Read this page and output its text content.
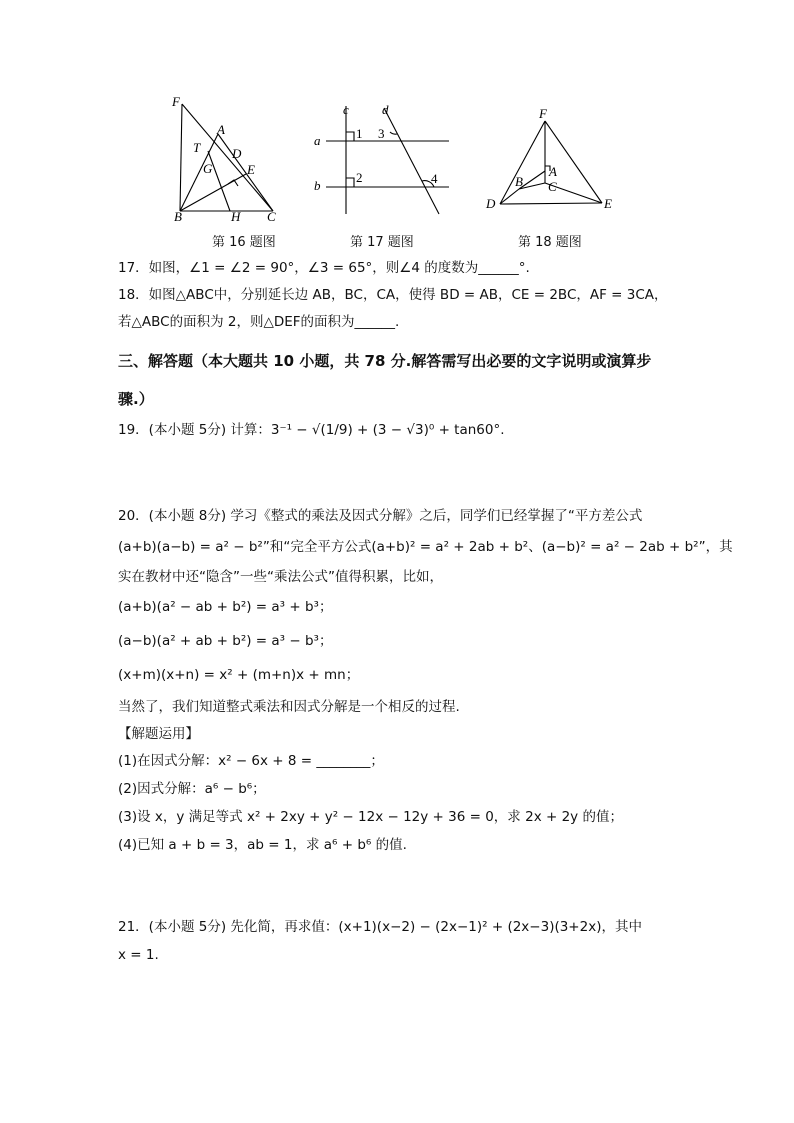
F
A
T D
G	E
B	H C
第 16 题图
c	d
a
b
1
2
3
4
第 17 题图
F
A
B C
D	E
第 18 题图
17．如图，∠1 = ∠2 = 90°，∠3 = 65°，则∠4 的度数为______°.
18．如图△ABC中，分别延长边 AB，BC，CA，使得 BD = AB，CE = 2BC，AF = 3CA，
若△ABC的面积为 2，则△DEF的面积为______.
三、解答题（本大题共 10 小题，共 78 分.解答需写出必要的文字说明或演算步
骤.）
19．(本小题 5分) 计算：3⁻¹ − √(1/9) + (3 − √3)⁰ + tan60°.
20．(本小题 8分) 学习《整式的乘法及因式分解》之后，同学们已经掌握了“平方差公式
(a+b)(a−b) = a² − b²”和“完全平方公式(a+b)² = a² + 2ab + b²、(a−b)² = a² − 2ab + b²”，其
实在教材中还“隐含”一些“乘法公式”值得积累，比如，
(a+b)(a² − ab + b²) = a³ + b³；
(a−b)(a² + ab + b²) = a³ − b³；
(x+m)(x+n) = x² + (m+n)x + mn；
当然了，我们知道整式乘法和因式分解是一个相反的过程.
【解题运用】
(1)在因式分解：x² − 6x + 8 = ________；
(2)因式分解：a⁶ − b⁶；
(3)设 x，y 满足等式 x² + 2xy + y² − 12x − 12y + 36 = 0，求 2x + 2y 的值；
(4)已知 a + b = 3，ab = 1，求 a⁶ + b⁶ 的值.
21．(本小题 5分) 先化简，再求值：(x+1)(x−2) − (2x−1)² + (2x−3)(3+2x)，其中
x = 1.
